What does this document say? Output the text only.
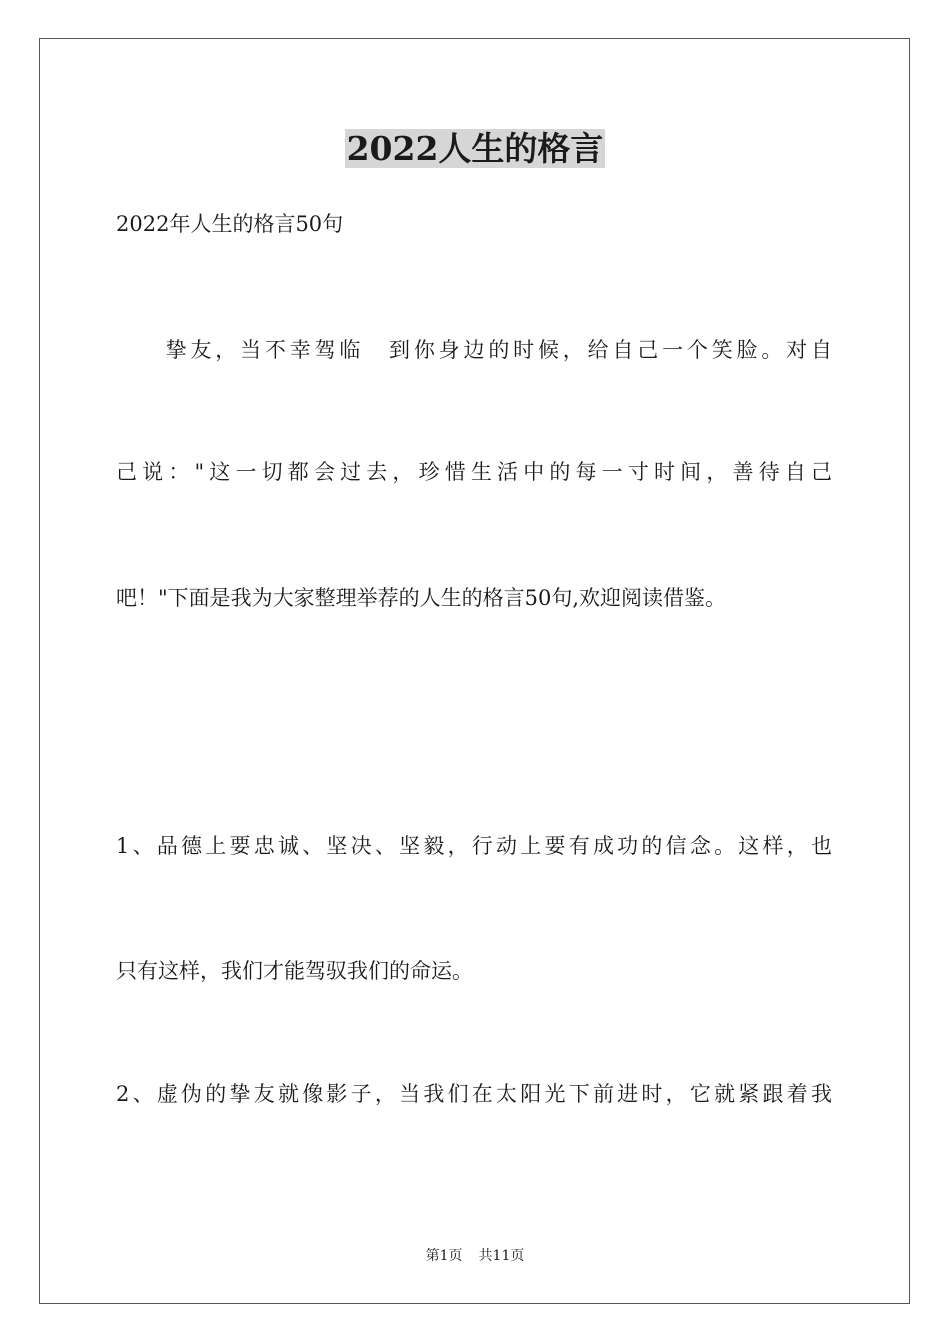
2022人生的格言
2022年人生的格言50句
　　挚友，当不幸驾临　到你身边的时候，给自己一个笑脸。对自
己说："这一切都会过去，珍惜生活中的每一寸时间，善待自己
吧！"下面是我为大家整理举荐的人生的格言50句,欢迎阅读借鉴。
1、品德上要忠诚、坚决、坚毅，行动上要有成功的信念。这样，也
只有这样，我们才能驾驭我们的命运。
2、虚伪的挚友就像影子，当我们在太阳光下前进时，它就紧跟着我
第1页 共11页
